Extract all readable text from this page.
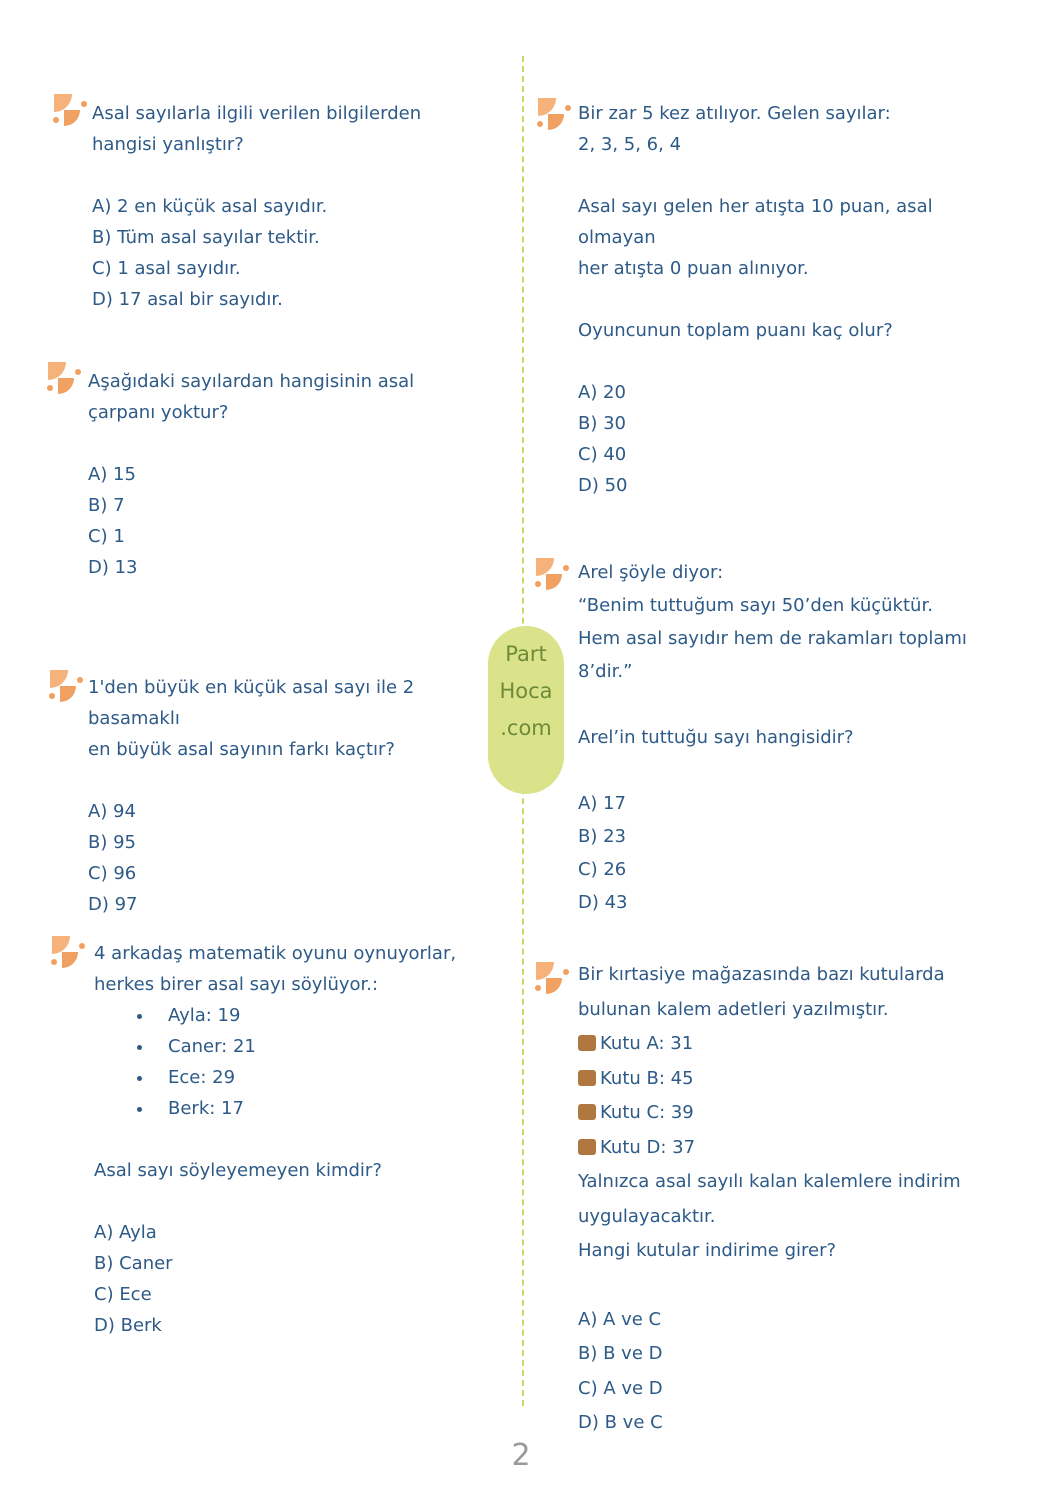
Part
Hoca
.com

Asal sayılarla ilgili verilen bilgilerden

hangisi yanlıştır?

A) 2 en küçük asal sayıdır.

B) Tüm asal sayılar tektir.

C) 1 asal sayıdır.

D) 17 asal bir sayıdır.

Aşağıdaki sayılardan hangisinin asal

çarpanı yoktur?

A) 15

B) 7

C) 1

D) 13

1'den büyük en küçük asal sayı ile 2 basamaklı

en büyük asal sayının farkı kaçtır?

A) 94

B) 95

C) 96

D) 97

4 arkadaş matematik oyunu oynuyorlar,

herkes birer asal sayı söylüyor.:

• Ayla: 19
• Caner: 21
• Ece: 29
• Berk: 17

Asal sayı söyleyemeyen kimdir?

A) Ayla

B) Caner

C) Ece

D) Berk

Bir zar 5 kez atılıyor. Gelen sayılar:

2, 3, 5, 6, 4

Asal sayı gelen her atışta 10 puan, asal olmayan

her atışta 0 puan alınıyor.

Oyuncunun toplam puanı kaç olur?

A) 20

B) 30

C) 40

D) 50

Arel şöyle diyor:

“Benim tuttuğum sayı 50’den küçüktür.

Hem asal sayıdır hem de rakamları toplamı

8’dir.”

Arel’in tuttuğu sayı hangisidir?

A) 17

B) 23

C) 26

D) 43

Bir kırtasiye mağazasında bazı kutularda

bulunan kalem adetleri yazılmıştır.

Kutu A: 31

Kutu B: 45

Kutu C: 39

Kutu D: 37

Yalnızca asal sayılı kalan kalemlere indirim

uygulayacaktır.

Hangi kutular indirime girer?

A) A ve C

B) B ve D

C) A ve D

D) B ve C

2
